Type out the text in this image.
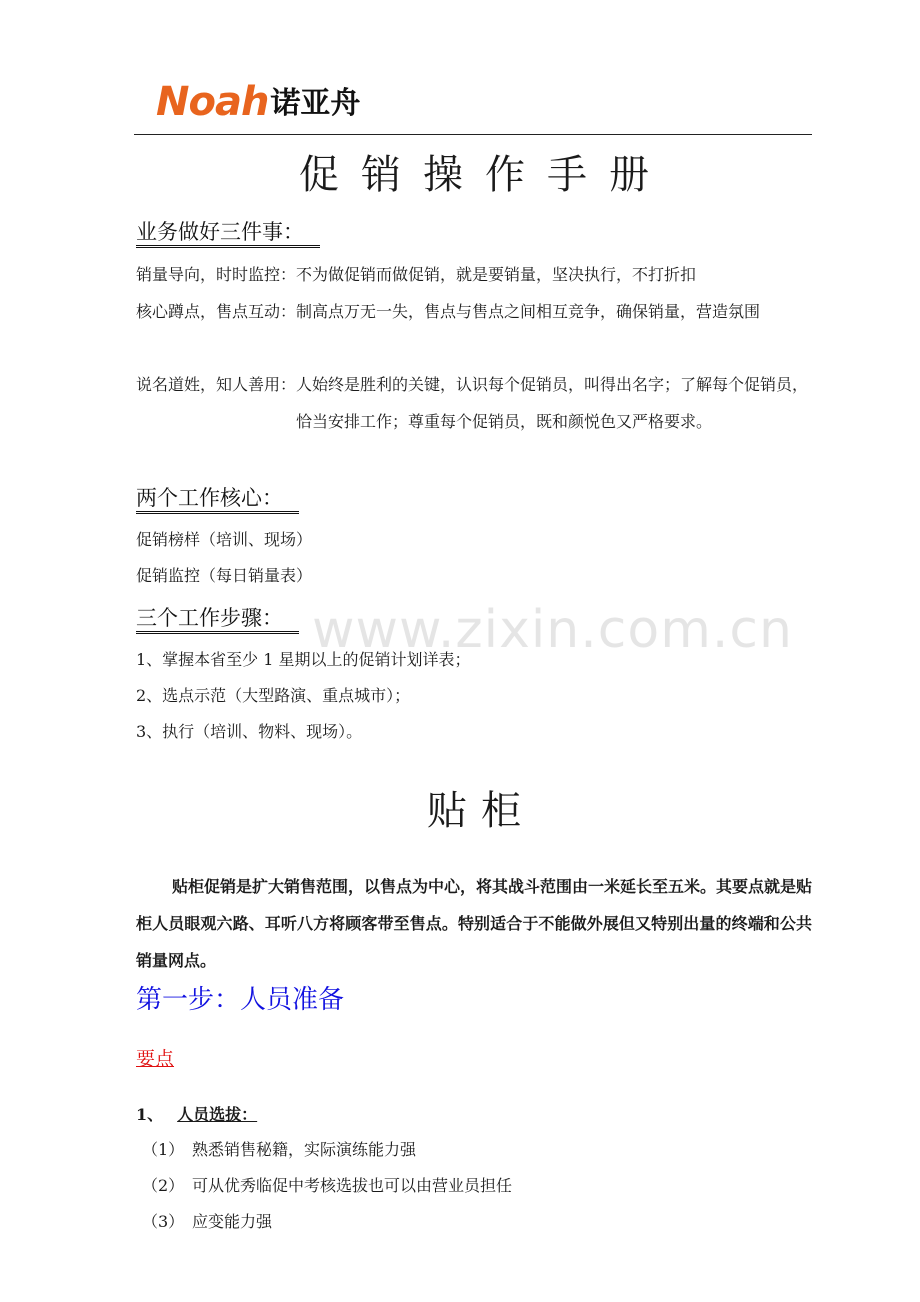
Noah 诺亚舟
促销操作手册
业务做好三件事：
销量导向，时时监控： 不为做促销而做促销，就是要销量，坚决执行，不打折扣
核心蹲点，售点互动： 制高点万无一失，售点与售点之间相互竞争，确保销量，营造氛围
说名道姓，知人善用： 人始终是胜利的关键，认识每个促销员，叫得出名字；了解每个促销员，恰当安排工作；尊重每个促销员，既和颜悦色又严格要求。
两个工作核心：
促销榜样（培训、现场）
促销监控（每日销量表）
www.zixin.com.cn
三个工作步骤：
1、掌握本省至少 1 星期以上的促销计划详表；
2、选点示范（大型路演、重点城市）；
3、执行（培训、物料、现场）。
贴柜
贴柜促销是扩大销售范围，以售点为中心，将其战斗范围由一米延长至五米。其要点就是贴柜人员眼观六路、耳听八方将顾客带至售点。特别适合于不能做外展但又特别出量的终端和公共销量网点。
第一步：人员准备
要点
1、 人员选拔：
（1） 熟悉销售秘籍，实际演练能力强
（2） 可从优秀临促中考核选拔也可以由营业员担任
（3） 应变能力强
